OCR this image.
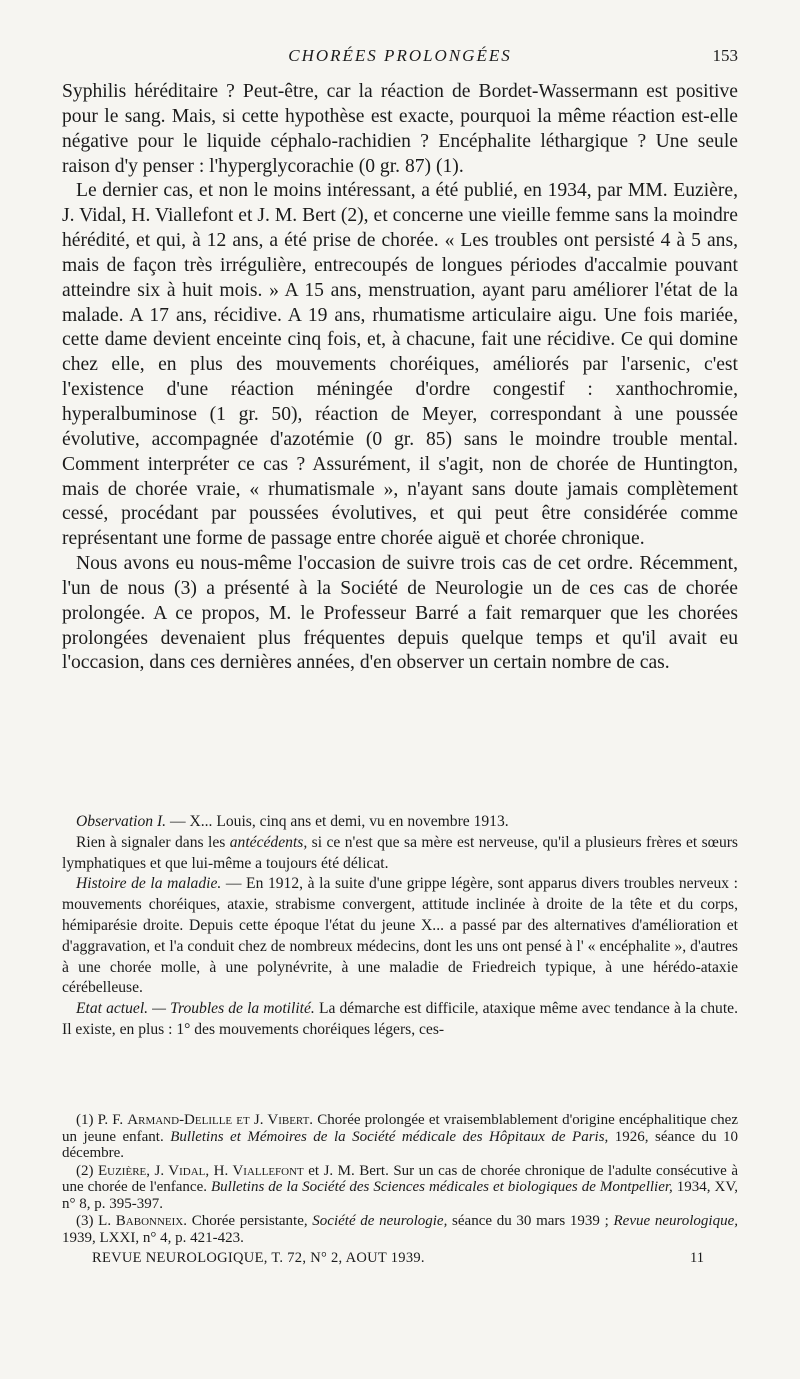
CHORÉES PROLONGÉES	153

Syphilis héréditaire ? Peut-être, car la réaction de Bordet-Wassermann est positive pour le sang. Mais, si cette hypothèse est exacte, pourquoi la même réaction est-elle négative pour le liquide céphalo-rachidien ? Encéphalite léthargique ? Une seule raison d'y penser : l'hyperglycorachie (0 gr. 87) (1).

Le dernier cas, et non le moins intéressant, a été publié, en 1934, par MM. Euzière, J. Vidal, H. Viallefont et J. M. Bert (2), et concerne une vieille femme sans la moindre hérédité, et qui, à 12 ans, a été prise de chorée. « Les troubles ont persisté 4 à 5 ans, mais de façon très irrégulière, entrecoupés de longues périodes d'accalmie pouvant atteindre six à huit mois. » A 15 ans, menstruation, ayant paru améliorer l'état de la malade. A 17 ans, récidive. A 19 ans, rhumatisme articulaire aigu. Une fois mariée, cette dame devient enceinte cinq fois, et, à chacune, fait une récidive. Ce qui domine chez elle, en plus des mouvements choréiques, améliorés par l'arsenic, c'est l'existence d'une réaction méningée d'ordre congestif : xanthochromie, hyperalbuminose (1 gr. 50), réaction de Meyer, correspondant à une poussée évolutive, accompagnée d'azotémie (0 gr. 85) sans le moindre trouble mental. Comment interpréter ce cas ? Assurément, il s'agit, non de chorée de Huntington, mais de chorée vraie, « rhumatismale », n'ayant sans doute jamais complètement cessé, procédant par poussées évolutives, et qui peut être considérée comme représentant une forme de passage entre chorée aiguë et chorée chronique.

Nous avons eu nous-même l'occasion de suivre trois cas de cet ordre. Récemment, l'un de nous (3) a présenté à la Société de Neurologie un de ces cas de chorée prolongée. A ce propos, M. le Professeur Barré a fait remarquer que les chorées prolongées devenaient plus fréquentes depuis quelque temps et qu'il avait eu l'occasion, dans ces dernières années, d'en observer un certain nombre de cas.

Observation I. — X... Louis, cinq ans et demi, vu en novembre 1913.

Rien à signaler dans les antécédents, si ce n'est que sa mère est nerveuse, qu'il a plusieurs frères et sœurs lymphatiques et que lui-même a toujours été délicat.

Histoire de la maladie. — En 1912, à la suite d'une grippe légère, sont apparus divers troubles nerveux : mouvements choréiques, ataxie, strabisme convergent, attitude inclinée à droite de la tête et du corps, hémiparésie droite. Depuis cette époque l'état du jeune X... a passé par des alternatives d'amélioration et d'aggravation, et l'a conduit chez de nombreux médecins, dont les uns ont pensé à l' « encéphalite », d'autres à une chorée molle, à une polynévrite, à une maladie de Friedreich typique, à une hérédo-ataxie cérébelleuse.

Etat actuel. — Troubles de la motilité. La démarche est difficile, ataxique même avec tendance à la chute. Il existe, en plus : 1° des mouvements choréiques légers, ces-

(1) P. F. Armand-Delille et J. Vibert. Chorée prolongée et vraisemblablement d'origine encéphalitique chez un jeune enfant. Bulletins et Mémoires de la Société médicale des Hôpitaux de Paris, 1926, séance du 10 décembre.

(2) Euzière, J. Vidal, H. Viallefont et J. M. Bert. Sur un cas de chorée chronique de l'adulte consécutive à une chorée de l'enfance. Bulletins de la Société des Sciences médicales et biologiques de Montpellier, 1934, XV, n° 8, p. 395-397.

(3) L. Babonneix. Chorée persistante, Société de neurologie, séance du 30 mars 1939 ; Revue neurologique, 1939, LXXI, n° 4, p. 421-423.

REVUE NEUROLOGIQUE, T. 72, N° 2, AOUT 1939.	11
